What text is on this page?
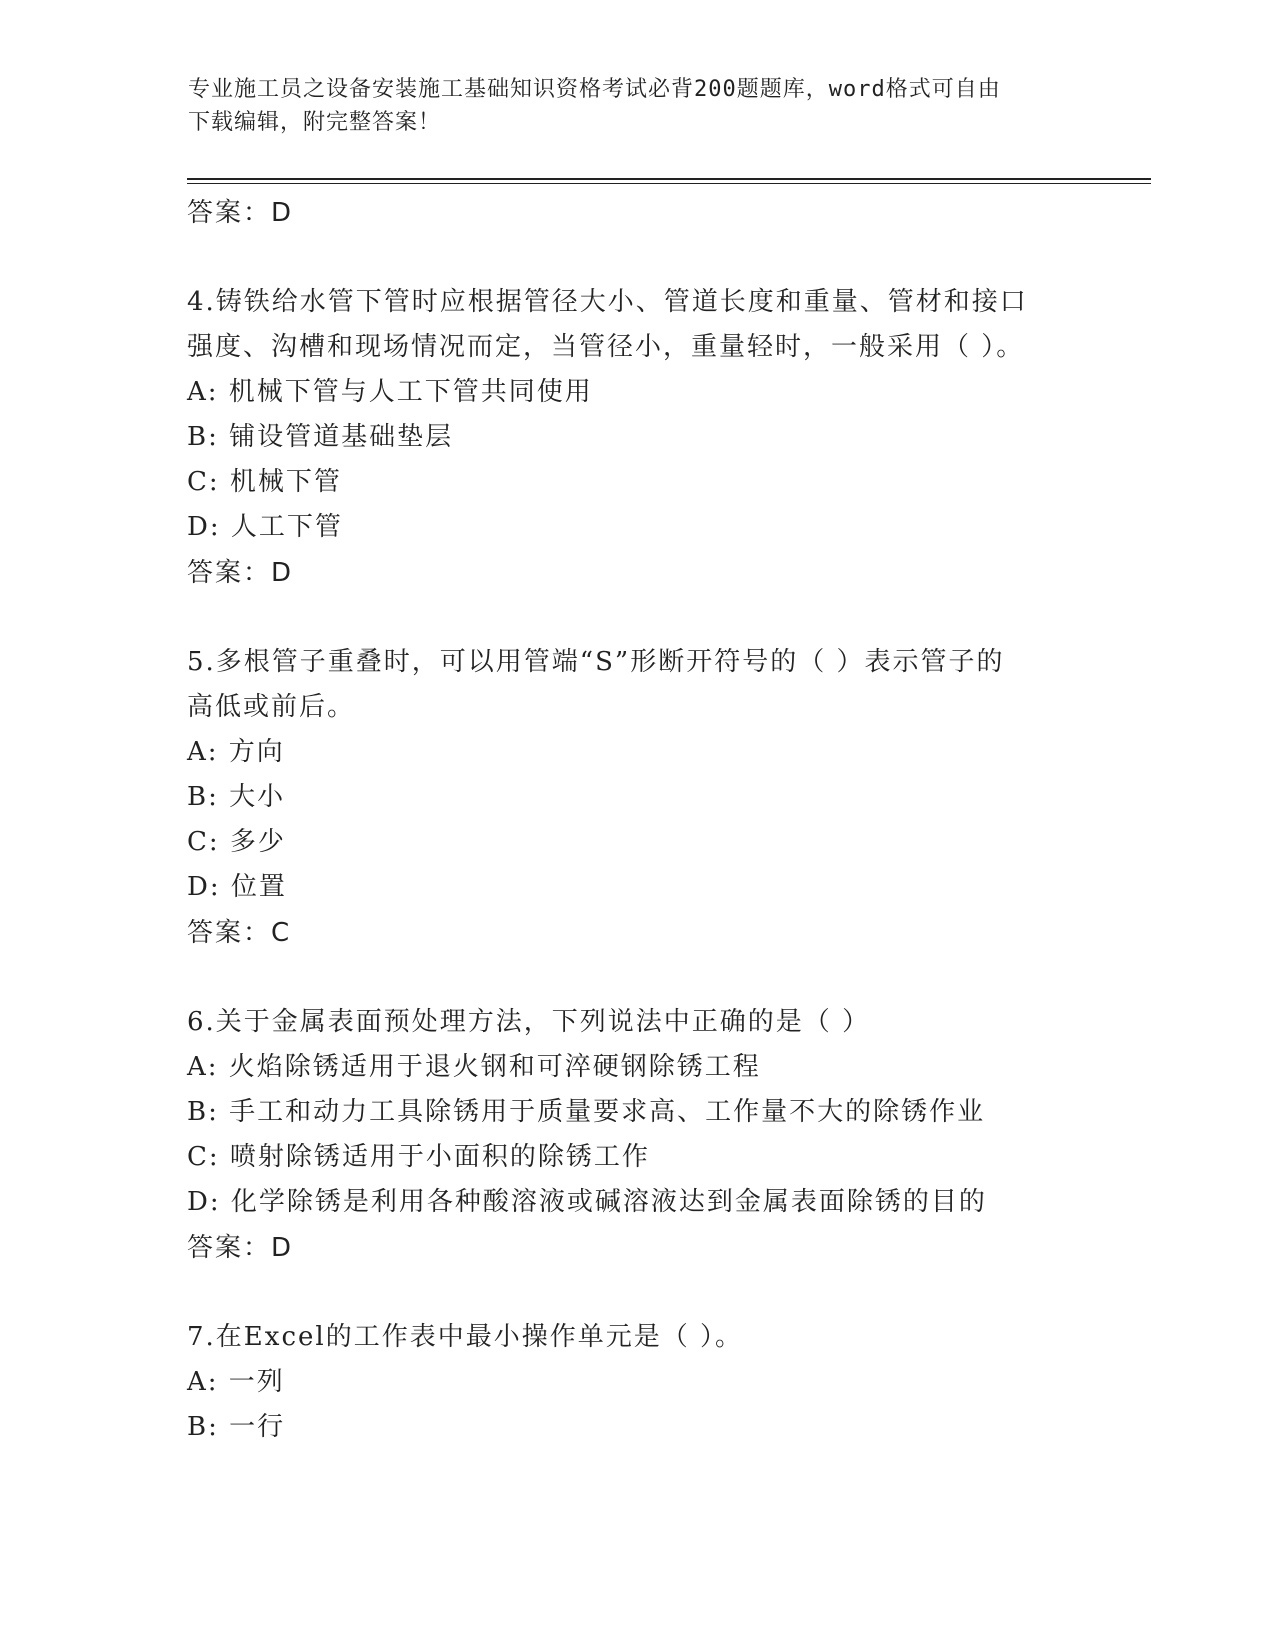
专业施工员之设备安装施工基础知识资格考试必背200题题库，word格式可自由
下载编辑，附完整答案！
答案：D
4.铸铁给水管下管时应根据管径大小、管道长度和重量、管材和接口
强度、沟槽和现场情况而定，当管径小，重量轻时，一般采用（ ）。
A: 机械下管与人工下管共同使用
B: 铺设管道基础垫层
C: 机械下管
D: 人工下管
答案：D
5.多根管子重叠时，可以用管端“S”形断开符号的（ ）表示管子的
高低或前后。
A: 方向
B: 大小
C: 多少
D: 位置
答案：C
6.关于金属表面预处理方法，下列说法中正确的是（ ）
A: 火焰除锈适用于退火钢和可淬硬钢除锈工程
B: 手工和动力工具除锈用于质量要求高、工作量不大的除锈作业
C: 喷射除锈适用于小面积的除锈工作
D: 化学除锈是利用各种酸溶液或碱溶液达到金属表面除锈的目的
答案：D
7.在Excel的工作表中最小操作单元是（ ）。
A: 一列
B: 一行
